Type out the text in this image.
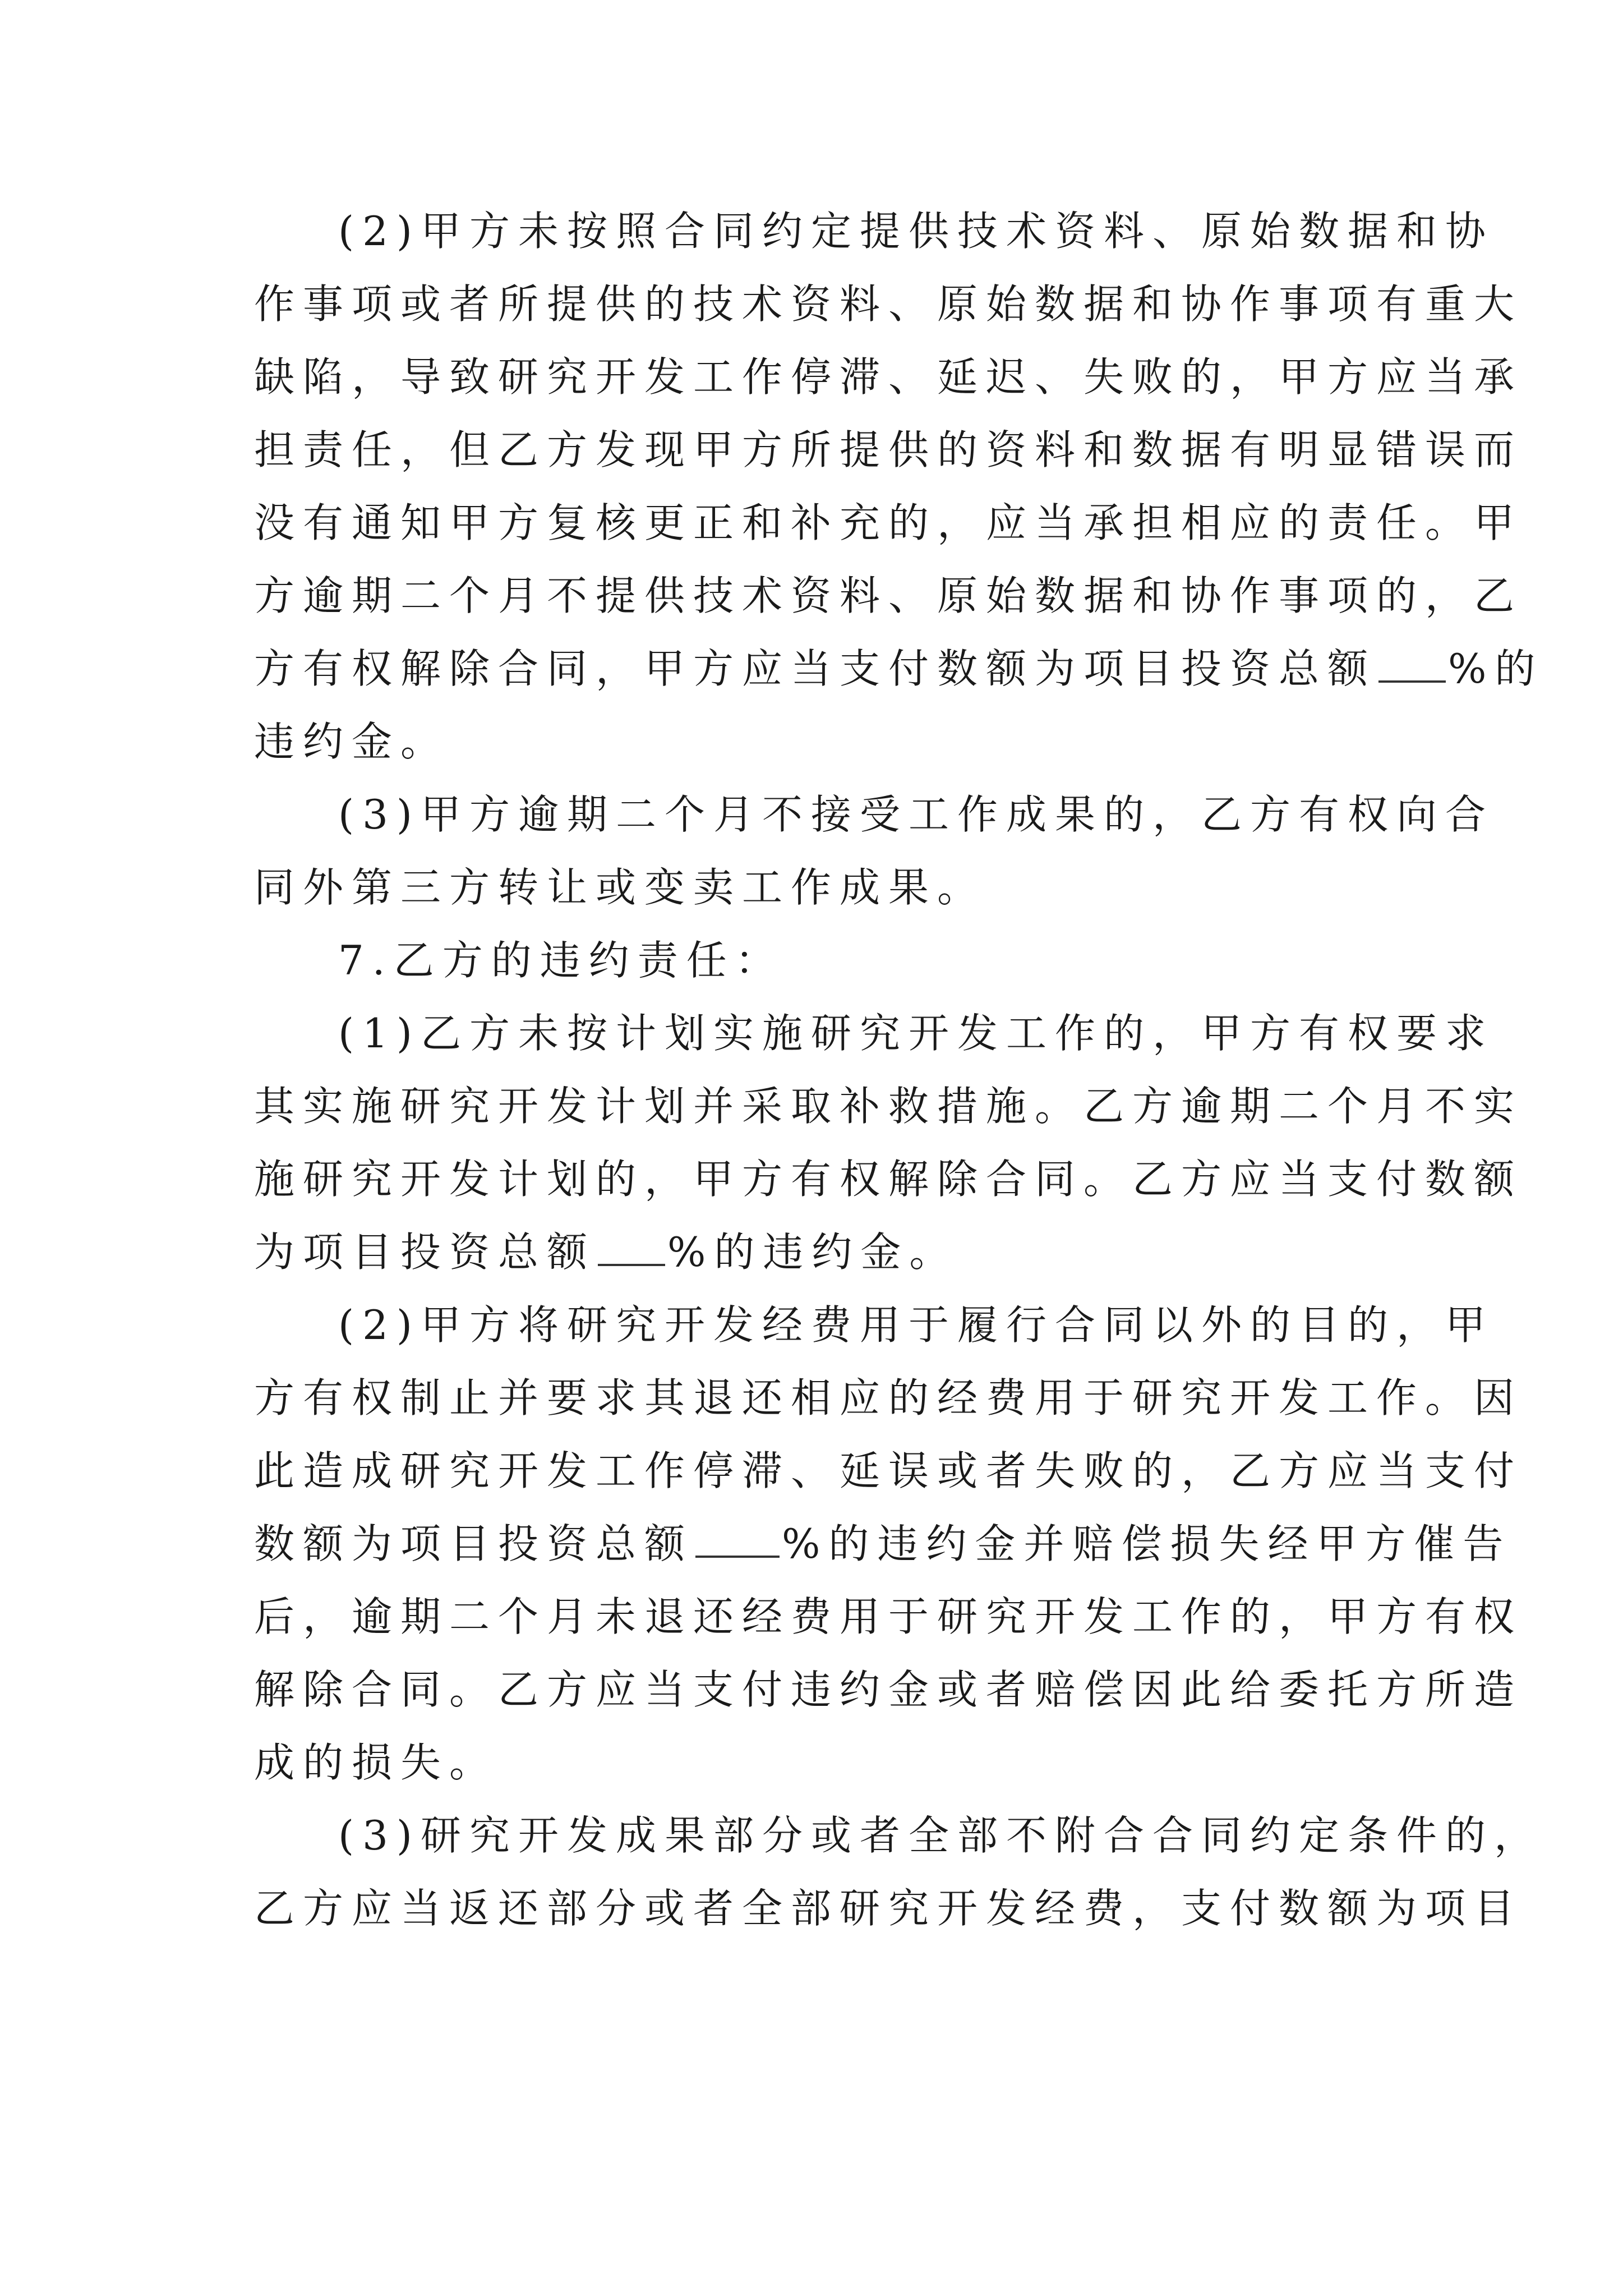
(2)甲方未按照合同约定提供技术资料、原始数据和协
作事项或者所提供的技术资料、原始数据和协作事项有重大
缺陷，导致研究开发工作停滞、延迟、失败的，甲方应当承
担责任，但乙方发现甲方所提供的资料和数据有明显错误而
没有通知甲方复核更正和补充的，应当承担相应的责任。甲
方逾期二个月不提供技术资料、原始数据和协作事项的，乙
方有权解除合同，甲方应当支付数额为项目投资总额 %的
违约金。
(3)甲方逾期二个月不接受工作成果的，乙方有权向合
同外第三方转让或变卖工作成果。
7.乙方的违约责任：
(1)乙方未按计划实施研究开发工作的，甲方有权要求
其实施研究开发计划并采取补救措施。乙方逾期二个月不实
施研究开发计划的，甲方有权解除合同。乙方应当支付数额
为项目投资总额 %的违约金。
(2)甲方将研究开发经费用于履行合同以外的目的，甲
方有权制止并要求其退还相应的经费用于研究开发工作。因
此造成研究开发工作停滞、延误或者失败的，乙方应当支付
数额为项目投资总额 %的违约金并赔偿损失经甲方催告
后，逾期二个月未退还经费用于研究开发工作的，甲方有权
解除合同。乙方应当支付违约金或者赔偿因此给委托方所造
成的损失。
(3)研究开发成果部分或者全部不附合合同约定条件的，
乙方应当返还部分或者全部研究开发经费，支付数额为项目
